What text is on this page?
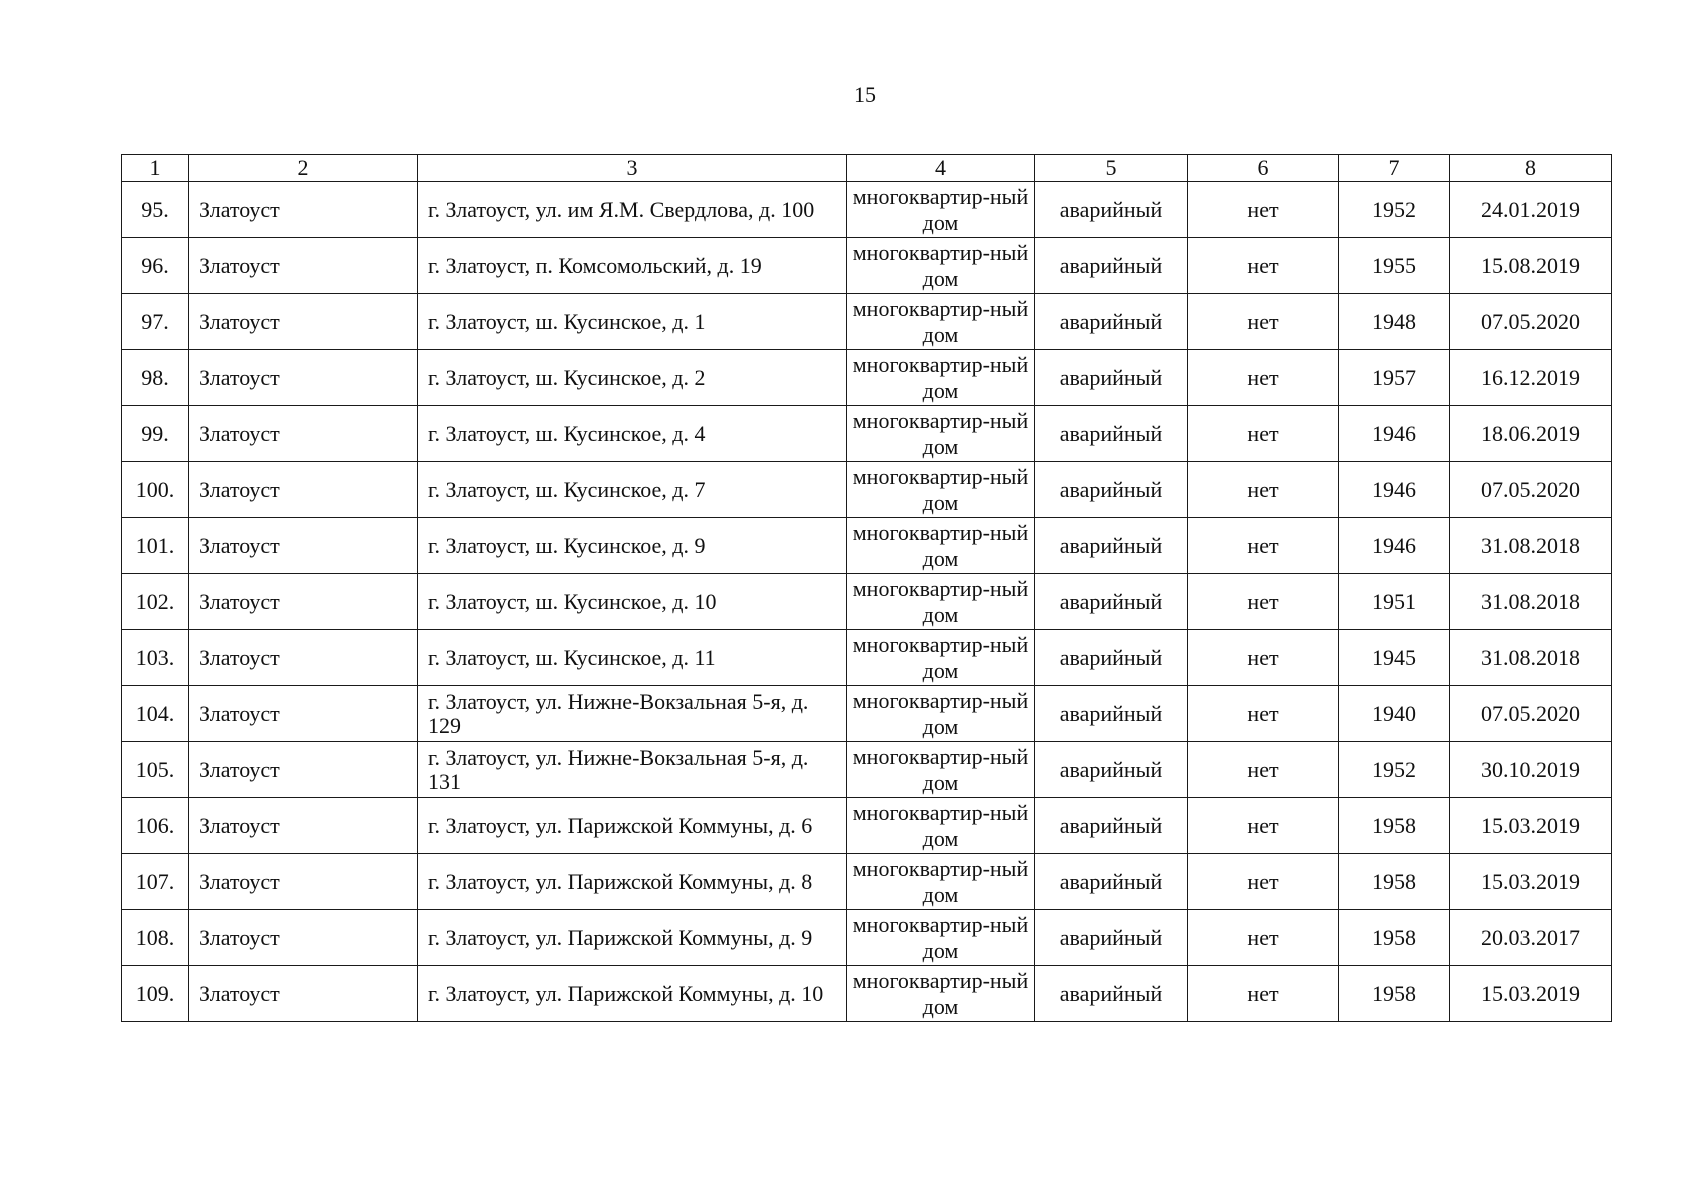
15
1	2	3	4	5	6	7	8
95.	Златоуст	г. Златоуст, ул. им Я.М. Свердлова, д. 100	многоквартир-ный дом	аварийный	нет	1952	24.01.2019
96.	Златоуст	г. Златоуст, п. Комсомольский, д. 19	многоквартир-ный дом	аварийный	нет	1955	15.08.2019
97.	Златоуст	г. Златоуст, ш. Кусинское, д. 1	многоквартир-ный дом	аварийный	нет	1948	07.05.2020
98.	Златоуст	г. Златоуст, ш. Кусинское, д. 2	многоквартир-ный дом	аварийный	нет	1957	16.12.2019
99.	Златоуст	г. Златоуст, ш. Кусинское, д. 4	многоквартир-ный дом	аварийный	нет	1946	18.06.2019
100.	Златоуст	г. Златоуст, ш. Кусинское, д. 7	многоквартир-ный дом	аварийный	нет	1946	07.05.2020
101.	Златоуст	г. Златоуст, ш. Кусинское, д. 9	многоквартир-ный дом	аварийный	нет	1946	31.08.2018
102.	Златоуст	г. Златоуст, ш. Кусинское, д. 10	многоквартир-ный дом	аварийный	нет	1951	31.08.2018
103.	Златоуст	г. Златоуст, ш. Кусинское, д. 11	многоквартир-ный дом	аварийный	нет	1945	31.08.2018
104.	Златоуст	г. Златоуст, ул. Нижне-Вокзальная 5-я, д. 129	многоквартир-ный дом	аварийный	нет	1940	07.05.2020
105.	Златоуст	г. Златоуст, ул. Нижне-Вокзальная 5-я, д. 131	многоквартир-ный дом	аварийный	нет	1952	30.10.2019
106.	Златоуст	г. Златоуст, ул. Парижской Коммуны, д. 6	многоквартир-ный дом	аварийный	нет	1958	15.03.2019
107.	Златоуст	г. Златоуст, ул. Парижской Коммуны, д. 8	многоквартир-ный дом	аварийный	нет	1958	15.03.2019
108.	Златоуст	г. Златоуст, ул. Парижской Коммуны, д. 9	многоквартир-ный дом	аварийный	нет	1958	20.03.2017
109.	Златоуст	г. Златоуст, ул. Парижской Коммуны, д. 10	многоквартир-ный дом	аварийный	нет	1958	15.03.2019
